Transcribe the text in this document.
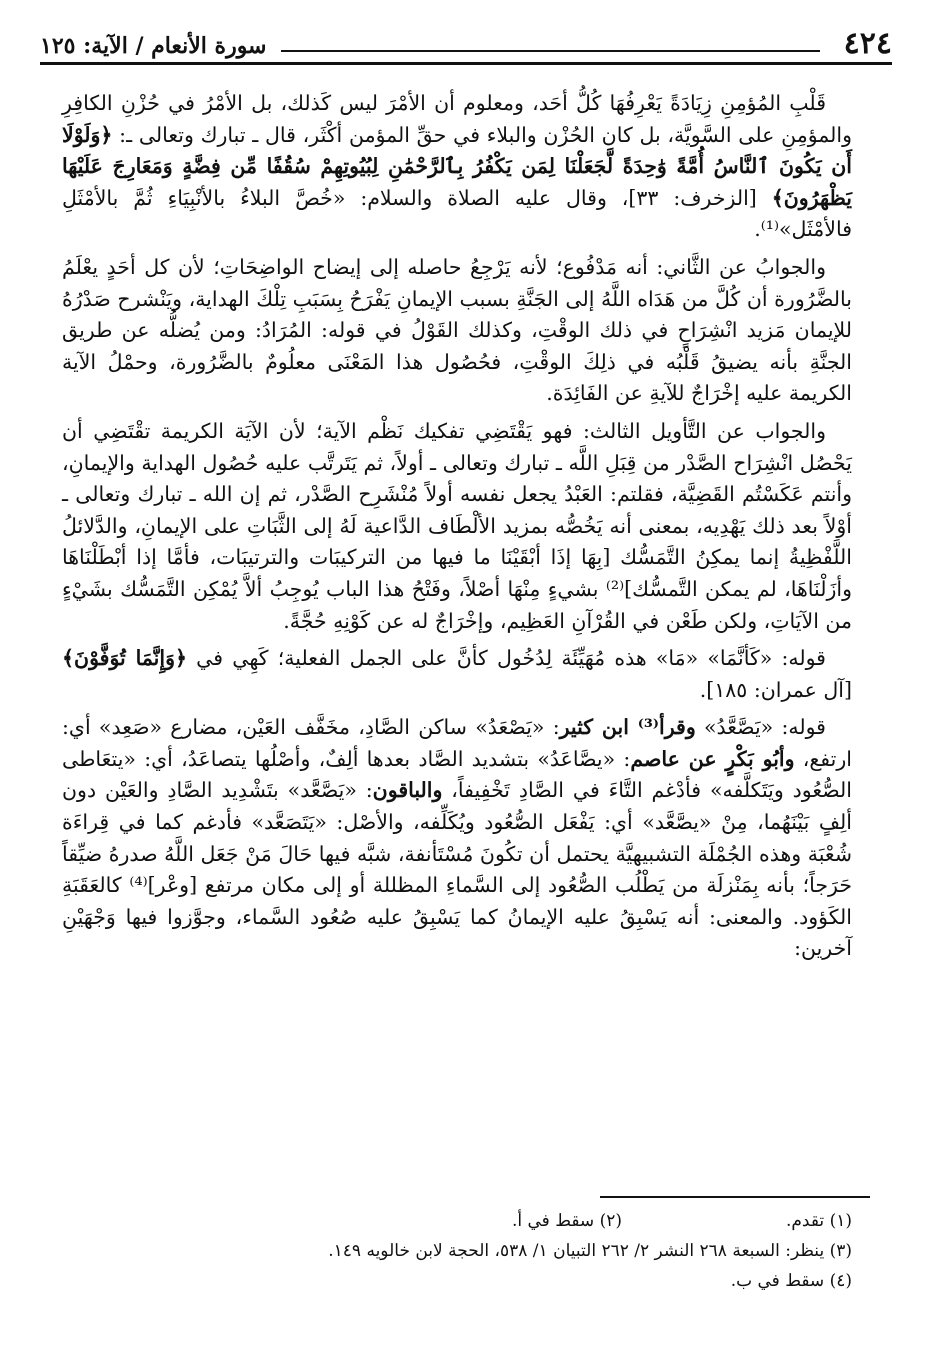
٤٢٤
سورة الأنعام / الآية: ١٢٥

قَلْبِ المُؤمِنِ زِيَادَةً يَعْرِفُهَا كُلُّ أحَد، ومعلوم أن الأمْرَ ليس كَذلك، بل الأمْرُ في حُزْنِ الكافِرِ والمؤمِنِ على السَّويَّة، بل كان الحُزْن والبلاء في حقِّ المؤمن أكْثَر، قال ـ تبارك وتعالى ـ: ﴿وَلَوْلَا أَن يَكُونَ ٱلنَّاسُ أُمَّةً وَٰحِدَةً لَّجَعَلْنَا لِمَن يَكْفُرُ بِٱلرَّحْمَٰنِ لِبُيُوتِهِمْ سُقُفًا مِّن فِضَّةٍ وَمَعَارِجَ عَلَيْهَا يَظْهَرُونَ﴾ [الزخرف: ٣٣]، وقال عليه الصلاة والسلام: «خُصَّ البلاءُ بالأنْبِيَاءِ ثُمَّ بالأمْثَلِ فالأمْثَل»⁽¹⁾.

والجوابُ عن الثَّاني: أنه مَدْفُوع؛ لأنه يَرْجِعُ حاصله إلى إيضاح الواضِحَاتِ؛ لأن كل أحَدٍ يعْلَمُ بالضَّرُورة أن كُلَّ من هَدَاه اللَّهُ إلى الجَنَّةِ بسبب الإيمانِ يَفْرَحُ بِسَبَبِ تِلْكَ الهداية، ويَنْشرح صَدْرُهُ للإيمان مَزيد انْشِرَاحٍ في ذلك الوقْتِ، وكذلك القَوْلُ في قوله: المُرَادُ: ومن يُضلُّه عن طريق الجنَّةِ بأنه يضيقُ قَلْبُه في ذلِكَ الوقْتِ، فحُصُول هذا المَعْنَى معلُومٌ بالضَّرُورة، وحمْلُ الآية الكريمة عليه إخْرَاجٌ للآيةِ عن الفَائِدَة.

والجواب عن التَّأويل الثالث: فهو يَقْتَضِي تفكيك نَظْم الآية؛ لأن الآيَة الكريمة تقْتَضِي أن يَحْصُل انْشِرَاح الصَّدْر من قِبَلِ اللَّه ـ تبارك وتعالى ـ أولاً، ثم يَتَرتَّب عليه حُصُول الهداية والإيمانِ، وأنتم عَكَسْتُم القَضِيَّة، فقلتم: العَبْدُ يجعل نفسه أولاً مُنْشَرِح الصَّدْر، ثم إن الله ـ تبارك وتعالى ـ أوْلاً بعد ذلك يَهْدِيه، بمعنى أنه يَخُصُّه بمزيد الألْطَاف الدَّاعية لَهُ إلى الثَّبَاتِ على الإيمانِ، والدَّلائلُ اللَّفْظِيةُ إنما يمكِنُ التَّمَسُّك [بِهَا إذَا أبْقَيْنَا ما فيها من التركيبَات والترتيبَات، فأمَّا إذا أبْطَلْنَاهَا وأزَلْنَاهَا، لم يمكن التَّمسُّك]⁽²⁾ بشيءٍ مِنْهَا أصْلاً، وفَتْحُ هذا الباب يُوجِبُ ألاَّ يُمْكِن التَّمَسُّك بشَيْءٍ من الآيَاتِ، ولكن طَعْن في القُرْآنِ العَظِيم، وإخْرَاجٌ له عن كَوْنِهِ حُجَّةً.

قوله: «كَأنَّمَا» «مَا» هذه مُهَيِّئَة لِدُخُول كأنَّ على الجمل الفعلية؛ كَهِي في ﴿وَإِنَّمَا تُوَفَّوْنَ﴾ [آل عمران: ١٨٥].

قوله: «يَصَّعَّدُ» وقرأ⁽³⁾ ابن كثير: «يَصْعَدُ» ساكن الصَّادِ، مخَفَّف العَيْن، مضارع «صَعِد» أي: ارتفع، وأبُو بَكْرٍ عن عاصم: «يصَّاعَدُ» بتشديد الصَّاد بعدها ألِفٌ، وأصْلُها يتصاعَدُ، أي: «يتعَاطى الصُّعُود ويَتَكلَّفه» فأدْغم التَّاءَ في الصَّادِ تَخْفِيفاً، والباقون: «يَصَّعَّد» بتَشْدِيد الصَّادِ والعَيْن دون ألِفٍ بَيْنَهُما، مِنْ «يصَّعَّد» أي: يَفْعَل الصُّعُود ويُكَلِّفه، والأصْل: «يَتَصَعَّد» فأدغم كما في قِراءَة شُعْبَة وهذه الجُمْلَة التشبيهيَّة يحتمل أن تكُونَ مُسْتَأنفة، شبَّه فيها حَالَ مَنْ جَعَل اللَّهُ صدرهُ ضيِّقاً حَرَجاً؛ بأنه بِمَنْزلَة من يَطْلُب الصُّعُود إلى السَّماءِ المظللة أو إلى مكان مرتفع [وعْر]⁽⁴⁾ كالعَقَبَةِ الكَؤود. والمعنى: أنه يَسْبِقُ عليه الإيمانُ كما يَسْبِقُ عليه صُعُود السَّماء، وجوَّزوا فيها وَجْهَيْنِ آخرين:

(١) تقدم.
(٢) سقط في أ.
(٣) ينظر: السبعة ٢٦٨ النشر ٢/ ٢٦٢ التبيان ١/ ٥٣٨، الحجة لابن خالويه ١٤٩.
(٤) سقط في ب.
